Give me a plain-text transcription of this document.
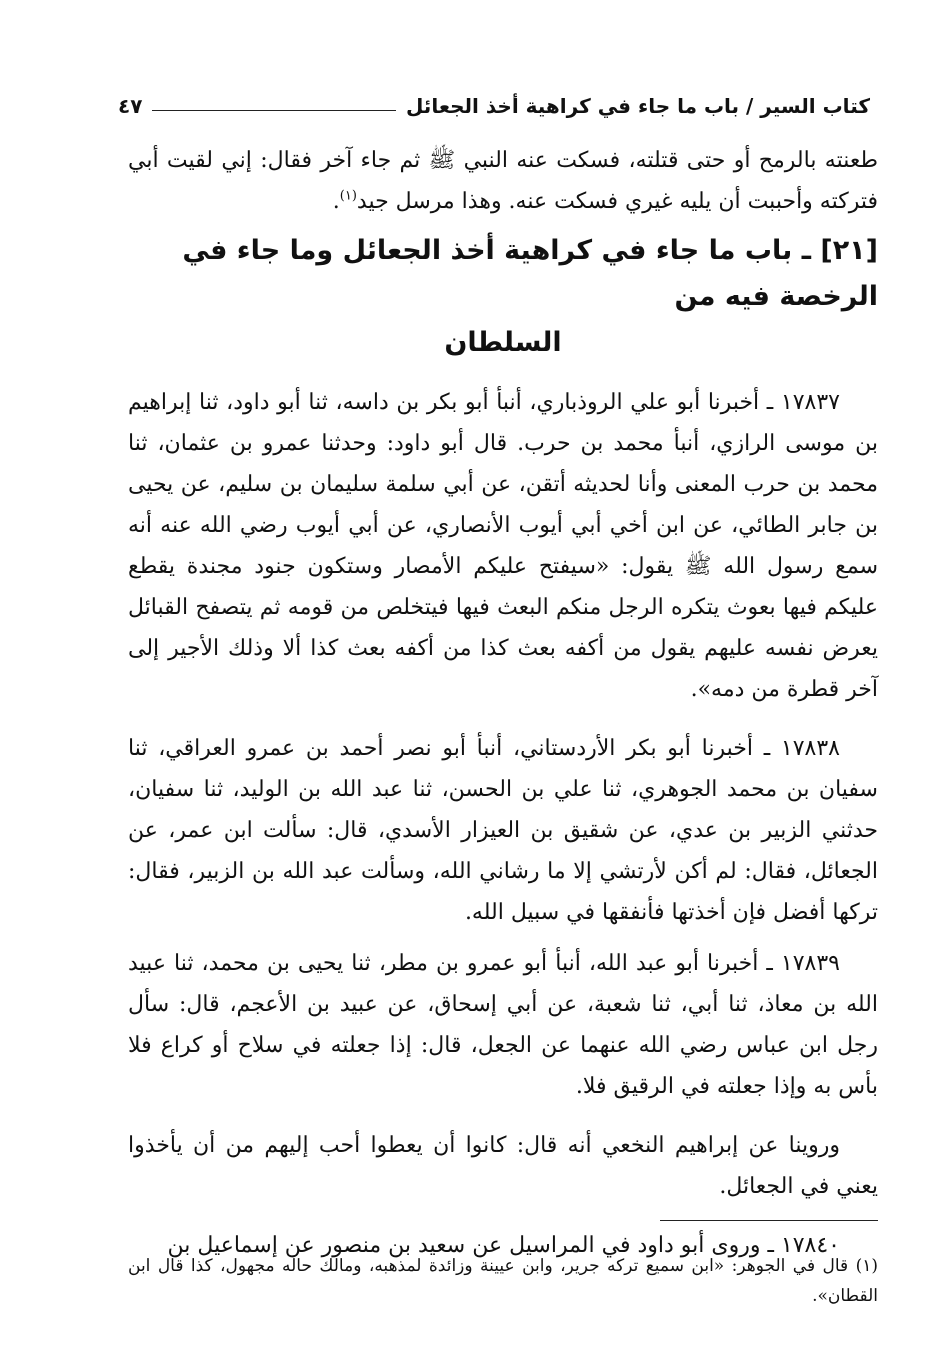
كتاب السير / باب ما جاء في كراهية أخذ الجعائل
٤٧

طعنته بالرمح أو حتى قتلته، فسكت عنه النبي ﷺ ثم جاء آخر فقال: إني لقيت أبي فتركته وأحببت أن يليه غيري فسكت عنه. وهذا مرسل جيد$^{(١)}$.

[٢١] ـ باب ما جاء في كراهية أخذ الجعائل وما جاء في الرخصة فيه من
السلطان

١٧٨٣٧ ـ أخبرنا أبو علي الروذباري، أنبأ أبو بكر بن داسه، ثنا أبو داود، ثنا إبراهيم بن موسى الرازي، أنبأ محمد بن حرب. قال أبو داود: وحدثنا عمرو بن عثمان، ثنا محمد بن حرب المعنى وأنا لحديثه أتقن، عن أبي سلمة سليمان بن سليم، عن يحيى بن جابر الطائي، عن ابن أخي أبي أيوب الأنصاري، عن أبي أيوب رضي الله عنه أنه سمع رسول الله ﷺ يقول: «سيفتح عليكم الأمصار وستكون جنود مجندة يقطع عليكم فيها بعوث يتكره الرجل منكم البعث فيها فيتخلص من قومه ثم يتصفح القبائل يعرض نفسه عليهم يقول من أكفه بعث كذا من أكفه بعث كذا ألا وذلك الأجير إلى آخر قطرة من دمه».

١٧٨٣٨ ـ أخبرنا أبو بكر الأردستاني، أنبأ أبو نصر أحمد بن عمرو العراقي، ثنا سفيان بن محمد الجوهري، ثنا علي بن الحسن، ثنا عبد الله بن الوليد، ثنا سفيان، حدثني الزبير بن عدي، عن شقيق بن العيزار الأسدي، قال: سألت ابن عمر، عن الجعائل، فقال: لم أكن لأرتشي إلا ما رشاني الله، وسألت عبد الله بن الزبير، فقال: تركها أفضل فإن أخذتها فأنفقها في سبيل الله.

١٧٨٣٩ ـ أخبرنا أبو عبد الله، أنبأ أبو عمرو بن مطر، ثنا يحيى بن محمد، ثنا عبيد الله بن معاذ، ثنا أبي، ثنا شعبة، عن أبي إسحاق، عن عبيد بن الأعجم، قال: سأل رجل ابن عباس رضي الله عنهما عن الجعل، قال: إذا جعلته في سلاح أو كراع فلا بأس به وإذا جعلته في الرقيق فلا.

وروينا عن إبراهيم النخعي أنه قال: كانوا أن يعطوا أحب إليهم من أن يأخذوا يعني في الجعائل.

١٧٨٤٠ ـ وروى أبو داود في المراسيل عن سعيد بن منصور عن إسماعيل بن

(١) قال في الجوهر: «ابن سميع تركه جرير، وابن عيينة وزائدة لمذهبه، ومالك حاله مجهول، كذا قال ابن القطان».
